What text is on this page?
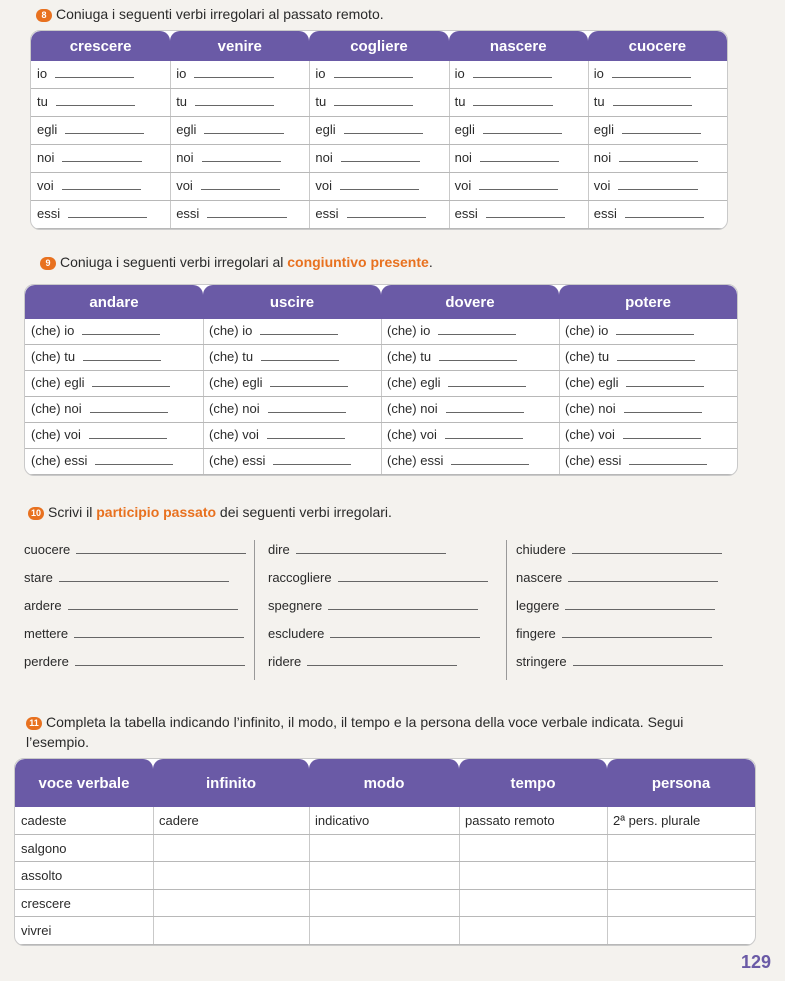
8 Coniuga i seguenti verbi irregolari al passato remoto.
crescere
io
tu
egli
noi
voi
essi
venire
io
tu
egli
noi
voi
essi
cogliere
io
tu
egli
noi
voi
essi
nascere
io
tu
egli
noi
voi
essi
cuocere
io
tu
egli
noi
voi
essi
9 Coniuga i seguenti verbi irregolari al congiuntivo presente.
andare
(che) io
(che) tu
(che) egli
(che) noi
(che) voi
(che) essi
uscire
(che) io
(che) tu
(che) egli
(che) noi
(che) voi
(che) essi
dovere
(che) io
(che) tu
(che) egli
(che) noi
(che) voi
(che) essi
potere
(che) io
(che) tu
(che) egli
(che) noi
(che) voi
(che) essi
10 Scrivi il participio passato dei seguenti verbi irregolari.
cuocere
stare
ardere
mettere
perdere
dire
raccogliere
spegnere
escludere
ridere
chiudere
nascere
leggere
fingere
stringere
11 Completa la tabella indicando l’infinito, il modo, il tempo e la persona della voce verbale indicata. Segui l’esempio.
voce verbale
cadeste
salgono
assolto
crescere
vivrei
infinito
cadere
modo
indicativo
tempo
passato remoto
persona
2ª pers. plurale
129
